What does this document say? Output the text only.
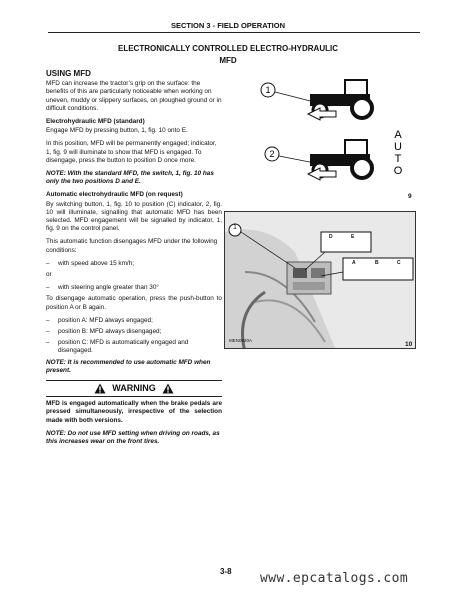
SECTION 3 - FIELD OPERATION
ELECTRONICALLY CONTROLLED ELECTRO-HYDRAULIC
MFD

USING MFD

MFD can increase the tractor’s grip on the surface: the benefits of this are particularly noticeable when working on uneven, muddy or slippery surfaces, on ploughed ground or in difficult conditions.

Electrohydraulic MFD (standard)

Engage MFD by pressing button, 1, fig. 10 onto E.

In this position, MFD will be permanently engaged; indicator, 1, fig. 9 will illuminate to show that MFD is engaged. To disengage, press the button to position D once more.

NOTE: With the standard MFD, the switch, 1, fig. 10 has only the two positions D and E.

Automatic electrohydraulic MFD (on request)

By switching button, 1, fig. 10 to position (C) indicator, 2, fig. 10 will illuminate, signalling that automatic MFD has been selected. MFD engagement will be signalled by indicator, 1, fig. 9 on the control panel.

This automatic function disengages MFD under the following conditions:

–	with speed above 15 km/h;

or

–	with steering angle greater than 30°

To disengage automatic operation, press the push-button to position A or B again.

–	position A: MFD always engaged;
–	position B: MFD always disengaged;
–	position C: MFD is automatically engaged and disengaged.

NOTE: It is recommended to use automatic MFD when present.

WARNING

MFD is engaged automatically when the brake pedals are pressed simultaneously, irrespective of the selection made with both versions.

NOTE: Do not use MFD setting when driving on roads, as this increases wear on the front tires.

1
2
A
U
T
O
9
1
D	E
A	B	C
MEN0920A
10
3-8 www.epcatalogs.com
